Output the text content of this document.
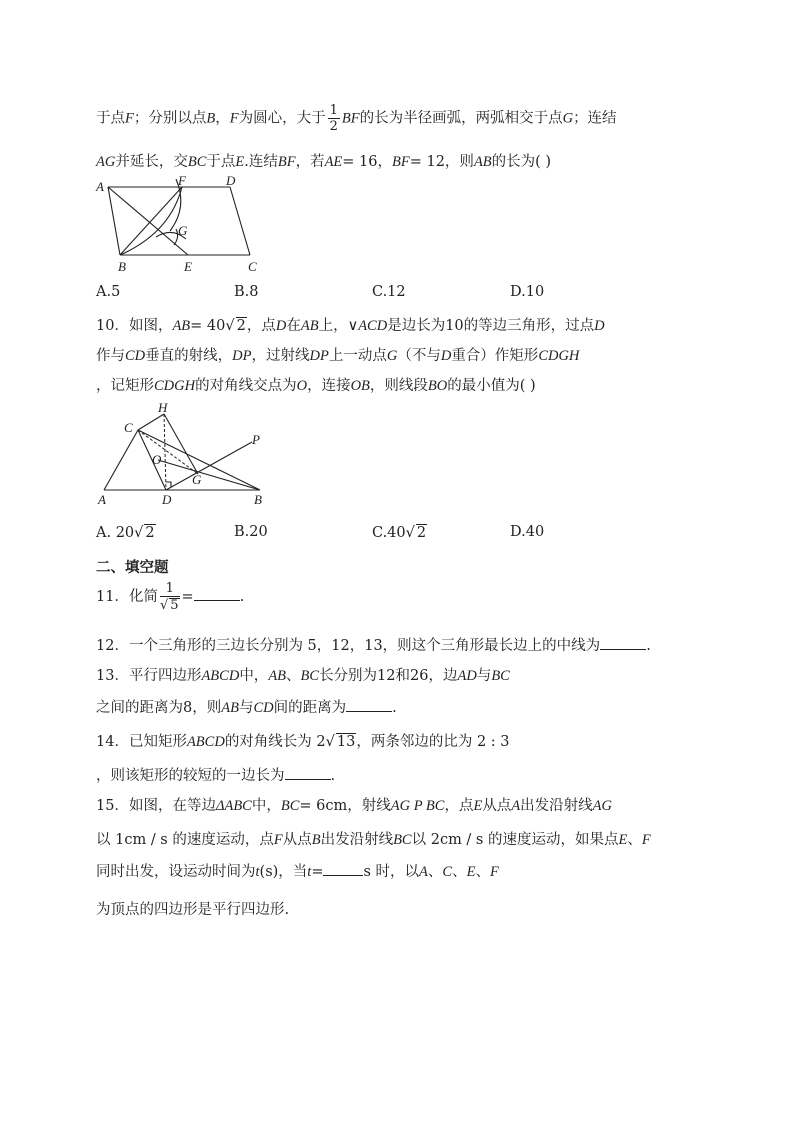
于点F；分别以点B，F为圆心，大于 $\frac{1}{2}$ BF的长为半径画弧，两弧相交于点G；连结
AG并延长，交BC于点E.连结BF，若AE= 16，BF= 12，则AB的长为( )
A	F	D
G
B	E	C
A.5	B.8	C.12	D.10
10．如图，AB= 40√ 2，点D在AB上，∨ACD是边长为10的等边三角形，过点D
作与CD垂直的射线，DP，过射线DP上一动点G（不与D重合）作矩形CDGH
，记矩形CDGH的对角线交点为O，连接OB，则线段BO的最小值为( )
H
C
P
O
G
A	D	B
A. 20√ 2	B.20	C.40√ 2	D.40
二、填空题
11．化简 $\frac{1}{√ 5}$ =	.
12．一个三角形的三边长分别为 5，12，13，则这个三角形最长边上的中线为	.
13．平行四边形ABCD中，AB、BC长分别为12和26，边AD与BC
之间的距离为8，则AB与CD间的距离为	.
14．已知矩形ABCD的对角线长为 2√ 13，两条邻边的比为 2 : 3
，则该矩形的较短的一边长为	.
15．如图，在等边ΔABC中，BC= 6cm，射线AG P BC，点E从点A出发沿射线AG
以 1cm / s 的速度运动，点F从点B出发沿射线BC以 2cm / s 的速度运动，如果点E、F
同时出发，设运动时间为t(s)，当t=	s 时，以A、C、E、F
为顶点的四边形是平行四边形.
